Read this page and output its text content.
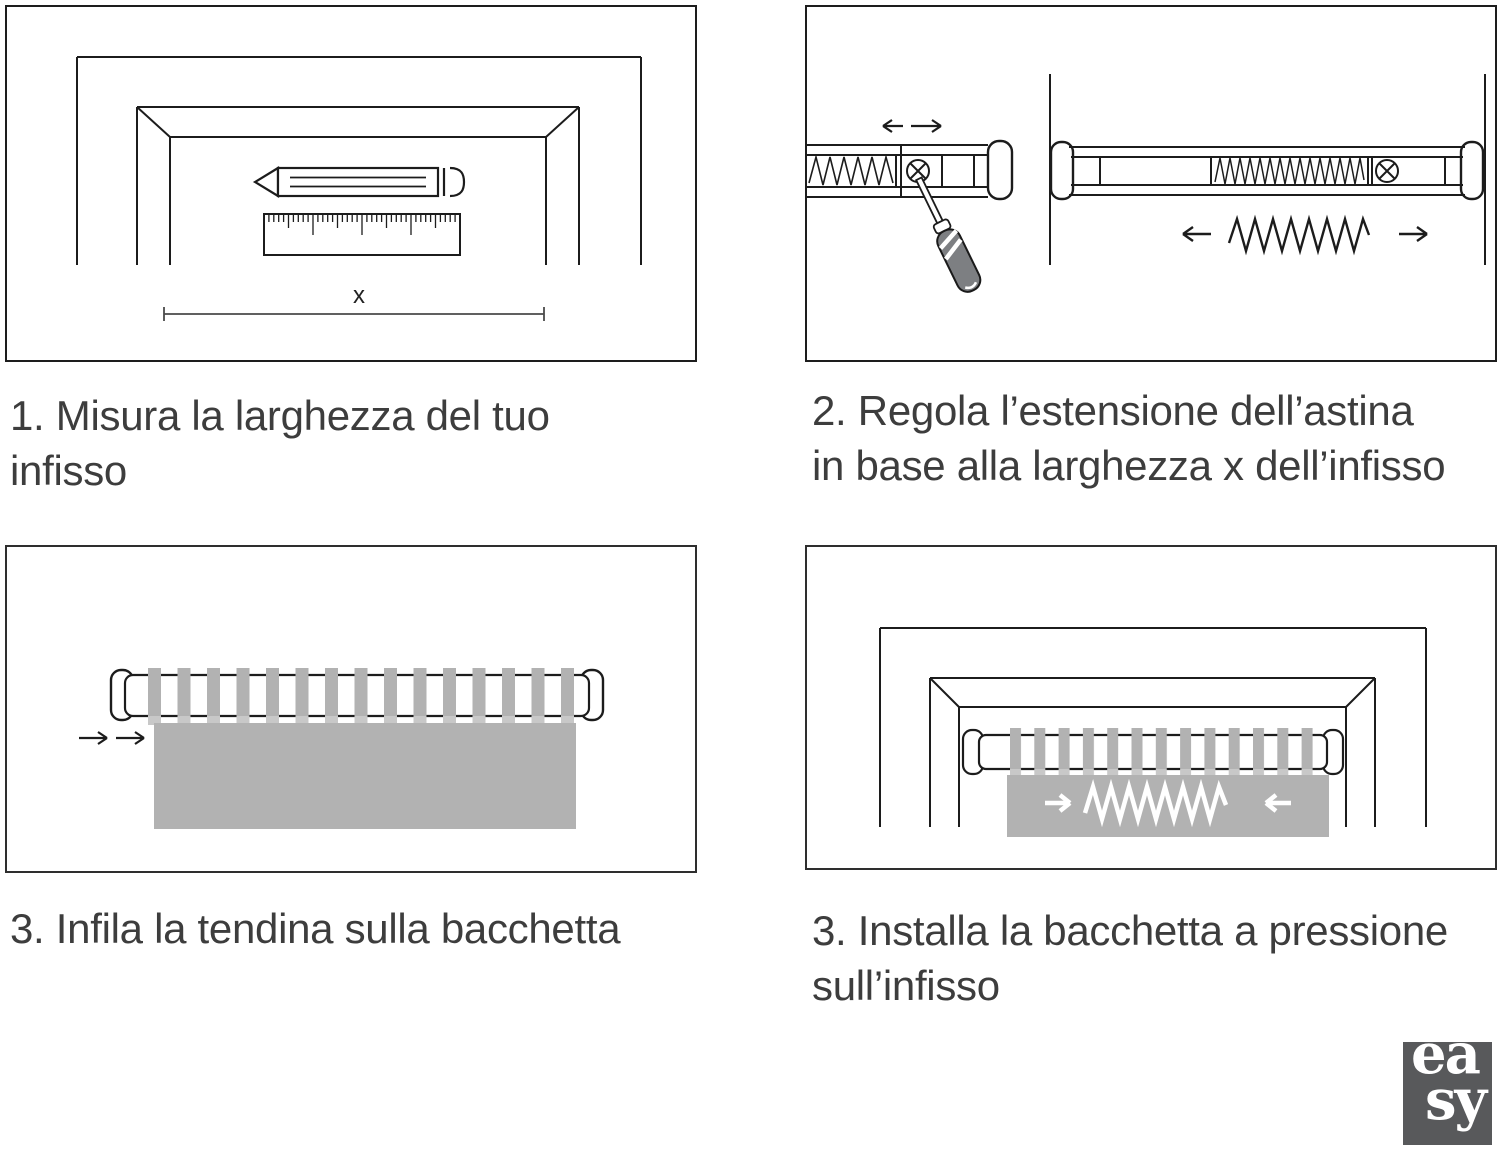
x

1. Misura la larghezza del tuo
infisso

2. Regola l’estensione dell’astina
in base alla larghezza x dell’infisso

3. Infila la tendina sulla bacchetta	3. Installa la bacchetta a pressione
sull’infisso

ea
sy
